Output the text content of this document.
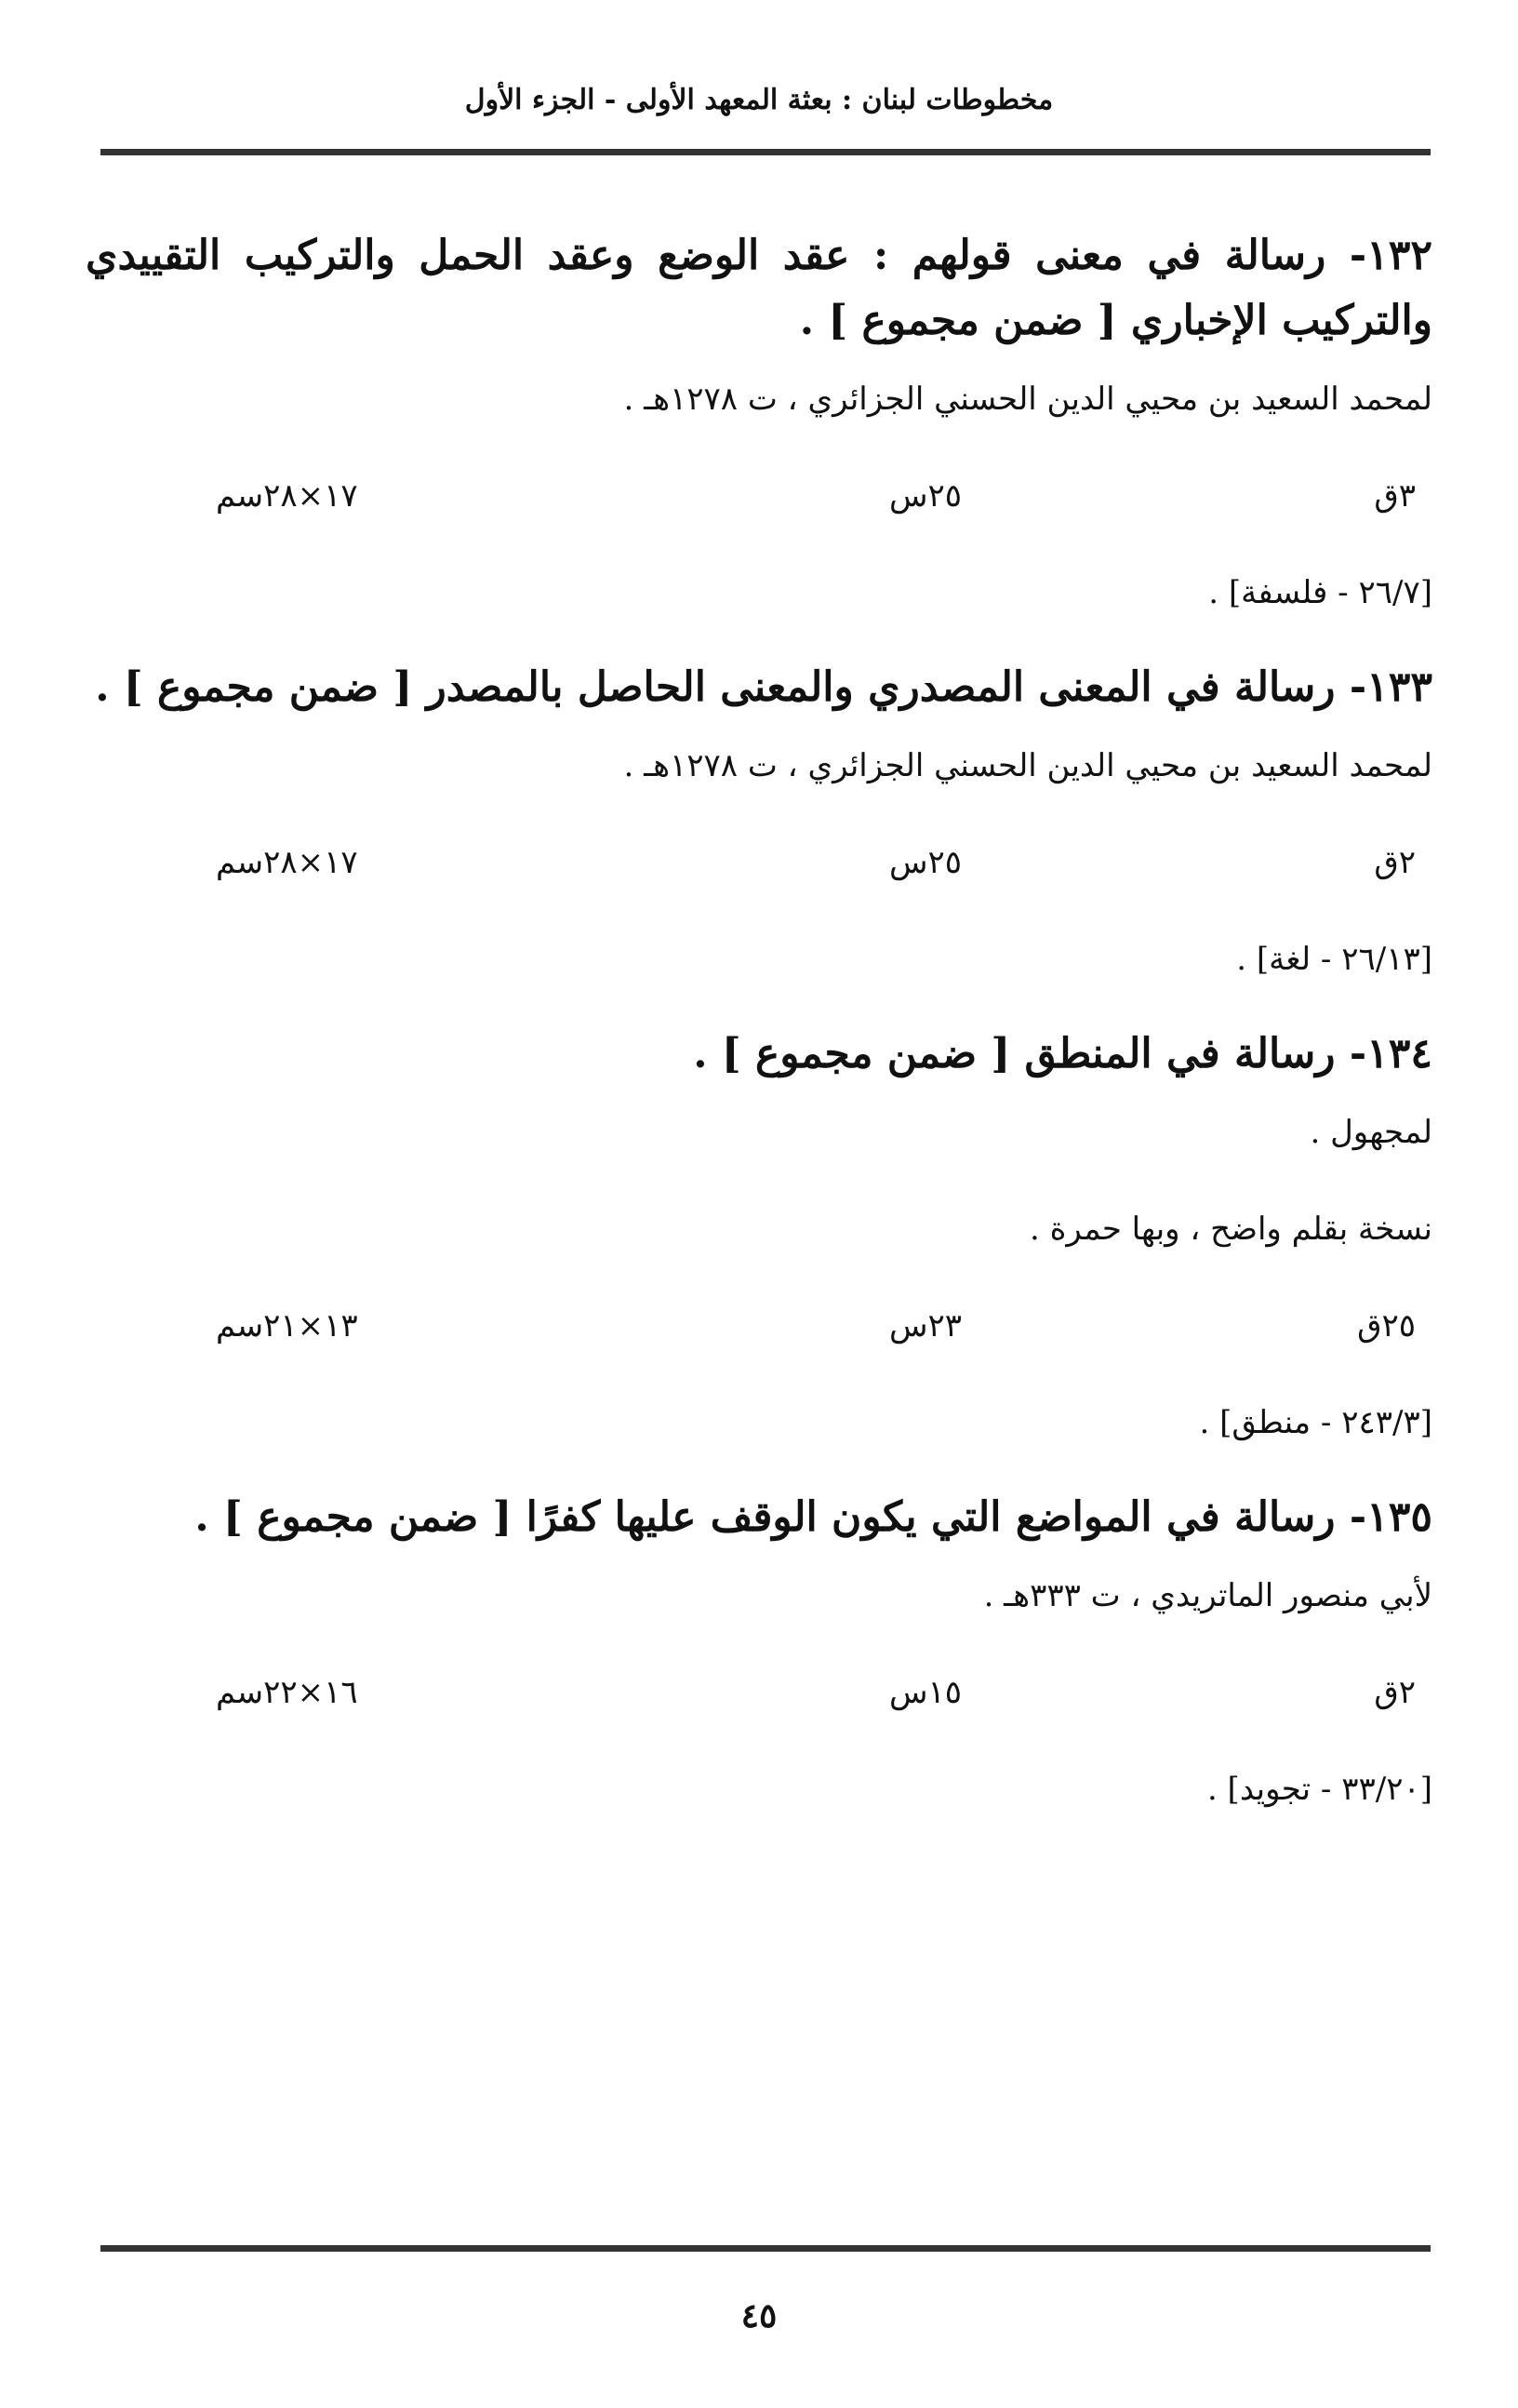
مخطوطات لبنان : بعثة المعهد الأولى - الجزء الأول
١٣٢- رسالة في معنى قولهم : عقد الوضع وعقد الحمل والتركيب التقييدي والتركيب الإخباري [ ضمن مجموع ] .
لمحمد السعيد بن محيي الدين الحسني الجزائري ، ت ١٢٧٨هـ .
٣ق
٢٥س
١٧×٢٨سم
[٢٦/٧ - فلسفة] .
١٣٣- رسالة في المعنى المصدري والمعنى الحاصل بالمصدر [ ضمن مجموع ] .
لمحمد السعيد بن محيي الدين الحسني الجزائري ، ت ١٢٧٨هـ .
٢ق
٢٥س
١٧×٢٨سم
[٢٦/١٣ - لغة] .
١٣٤- رسالة في المنطق [ ضمن مجموع ] .
لمجهول .
نسخة بقلم واضح ، وبها حمرة .
٢٥ق
٢٣س
١٣×٢١سم
[٢٤٣/٣ - منطق] .
١٣٥- رسالة في المواضع التي يكون الوقف عليها كفرًا [ ضمن مجموع ] .
لأبي منصور الماتريدي ، ت ٣٣٣هـ .
٢ق
١٥س
١٦×٢٢سم
[٣٣/٢٠ - تجويد] .
٤٥
